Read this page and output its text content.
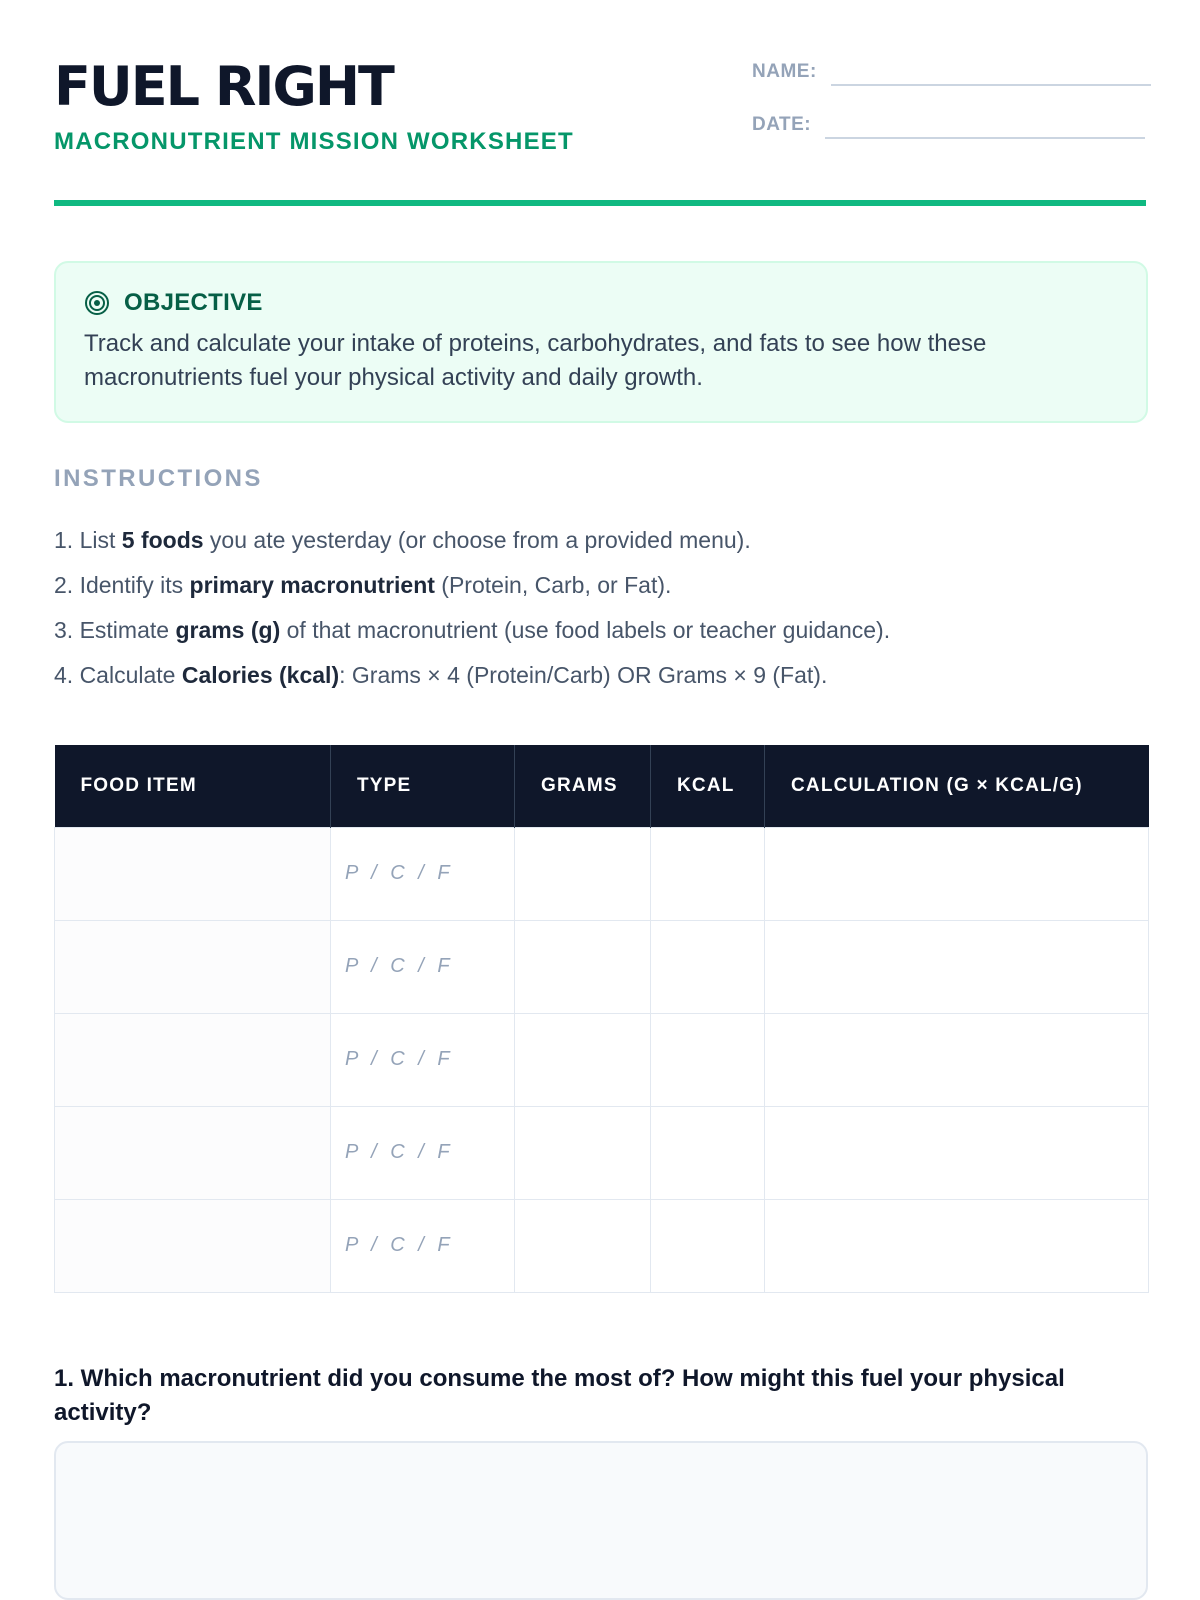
FUEL RIGHT
MACRONUTRIENT MISSION WORKSHEET
NAME:
DATE:
OBJECTIVE

Track and calculate your intake of proteins, carbohydrates, and fats to see how these macronutrients fuel your physical activity and daily growth.

INSTRUCTIONS
1. List 5 foods you ate yesterday (or choose from a provided menu).
2. Identify its primary macronutrient (Protein, Carb, or Fat).
3. Estimate grams (g) of that macronutrient (use food labels or teacher guidance).
4. Calculate Calories (kcal): Grams × 4 (Protein/Carb) OR Grams × 9 (Fat).
FOOD ITEM	TYPE	GRAMS	KCAL	CALCULATION (G × KCAL/G)
	P / C / F			
	P / C / F			
	P / C / F			
	P / C / F			
	P / C / F			
1. Which macronutrient did you consume the most of? How might this fuel your physical activity?
